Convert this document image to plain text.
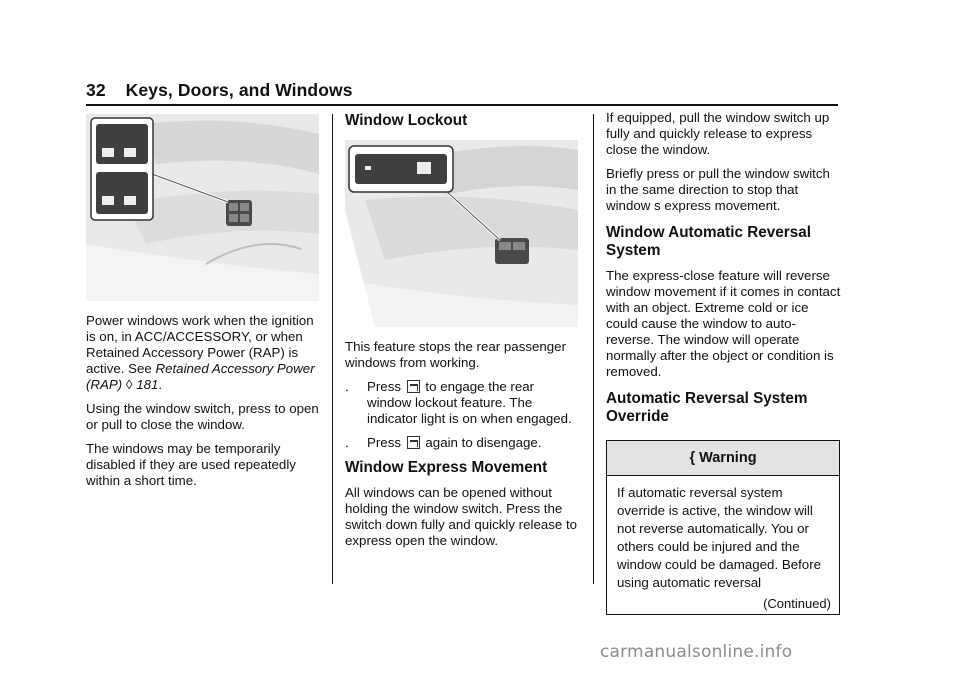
32 Keys, Doors, and Windows

Power windows work when the ignition is on, in ACC/ACCESSORY, or when Retained Accessory Power (RAP) is active. See Retained Accessory Power (RAP) ◊ 181.

Using the window switch, press to open or pull to close the window.

The windows may be temporarily disabled if they are used repeatedly within a short time.

Window Lockout

This feature stops the rear passenger windows from working.

.	Press to engage the rear window lockout feature. The indicator light is on when engaged.
.	Press again to disengage.
Window Express Movement

All windows can be opened without holding the window switch. Press the switch down fully and quickly release to express open the window.

If equipped, pull the window switch up fully and quickly release to express close the window.

Briefly press or pull the window switch in the same direction to stop that window s express movement.

Window Automatic Reversal System

The express-close feature will reverse window movement if it comes in contact with an object. Extreme cold or ice could cause the window to auto-reverse. The window will operate normally after the object or condition is removed.

Automatic Reversal System Override
{ Warning
If automatic reversal system override is active, the window will not reverse automatically. You or others could be injured and the window could be damaged. Before using automatic reversal
(Continued)
carmanualsonline.info
